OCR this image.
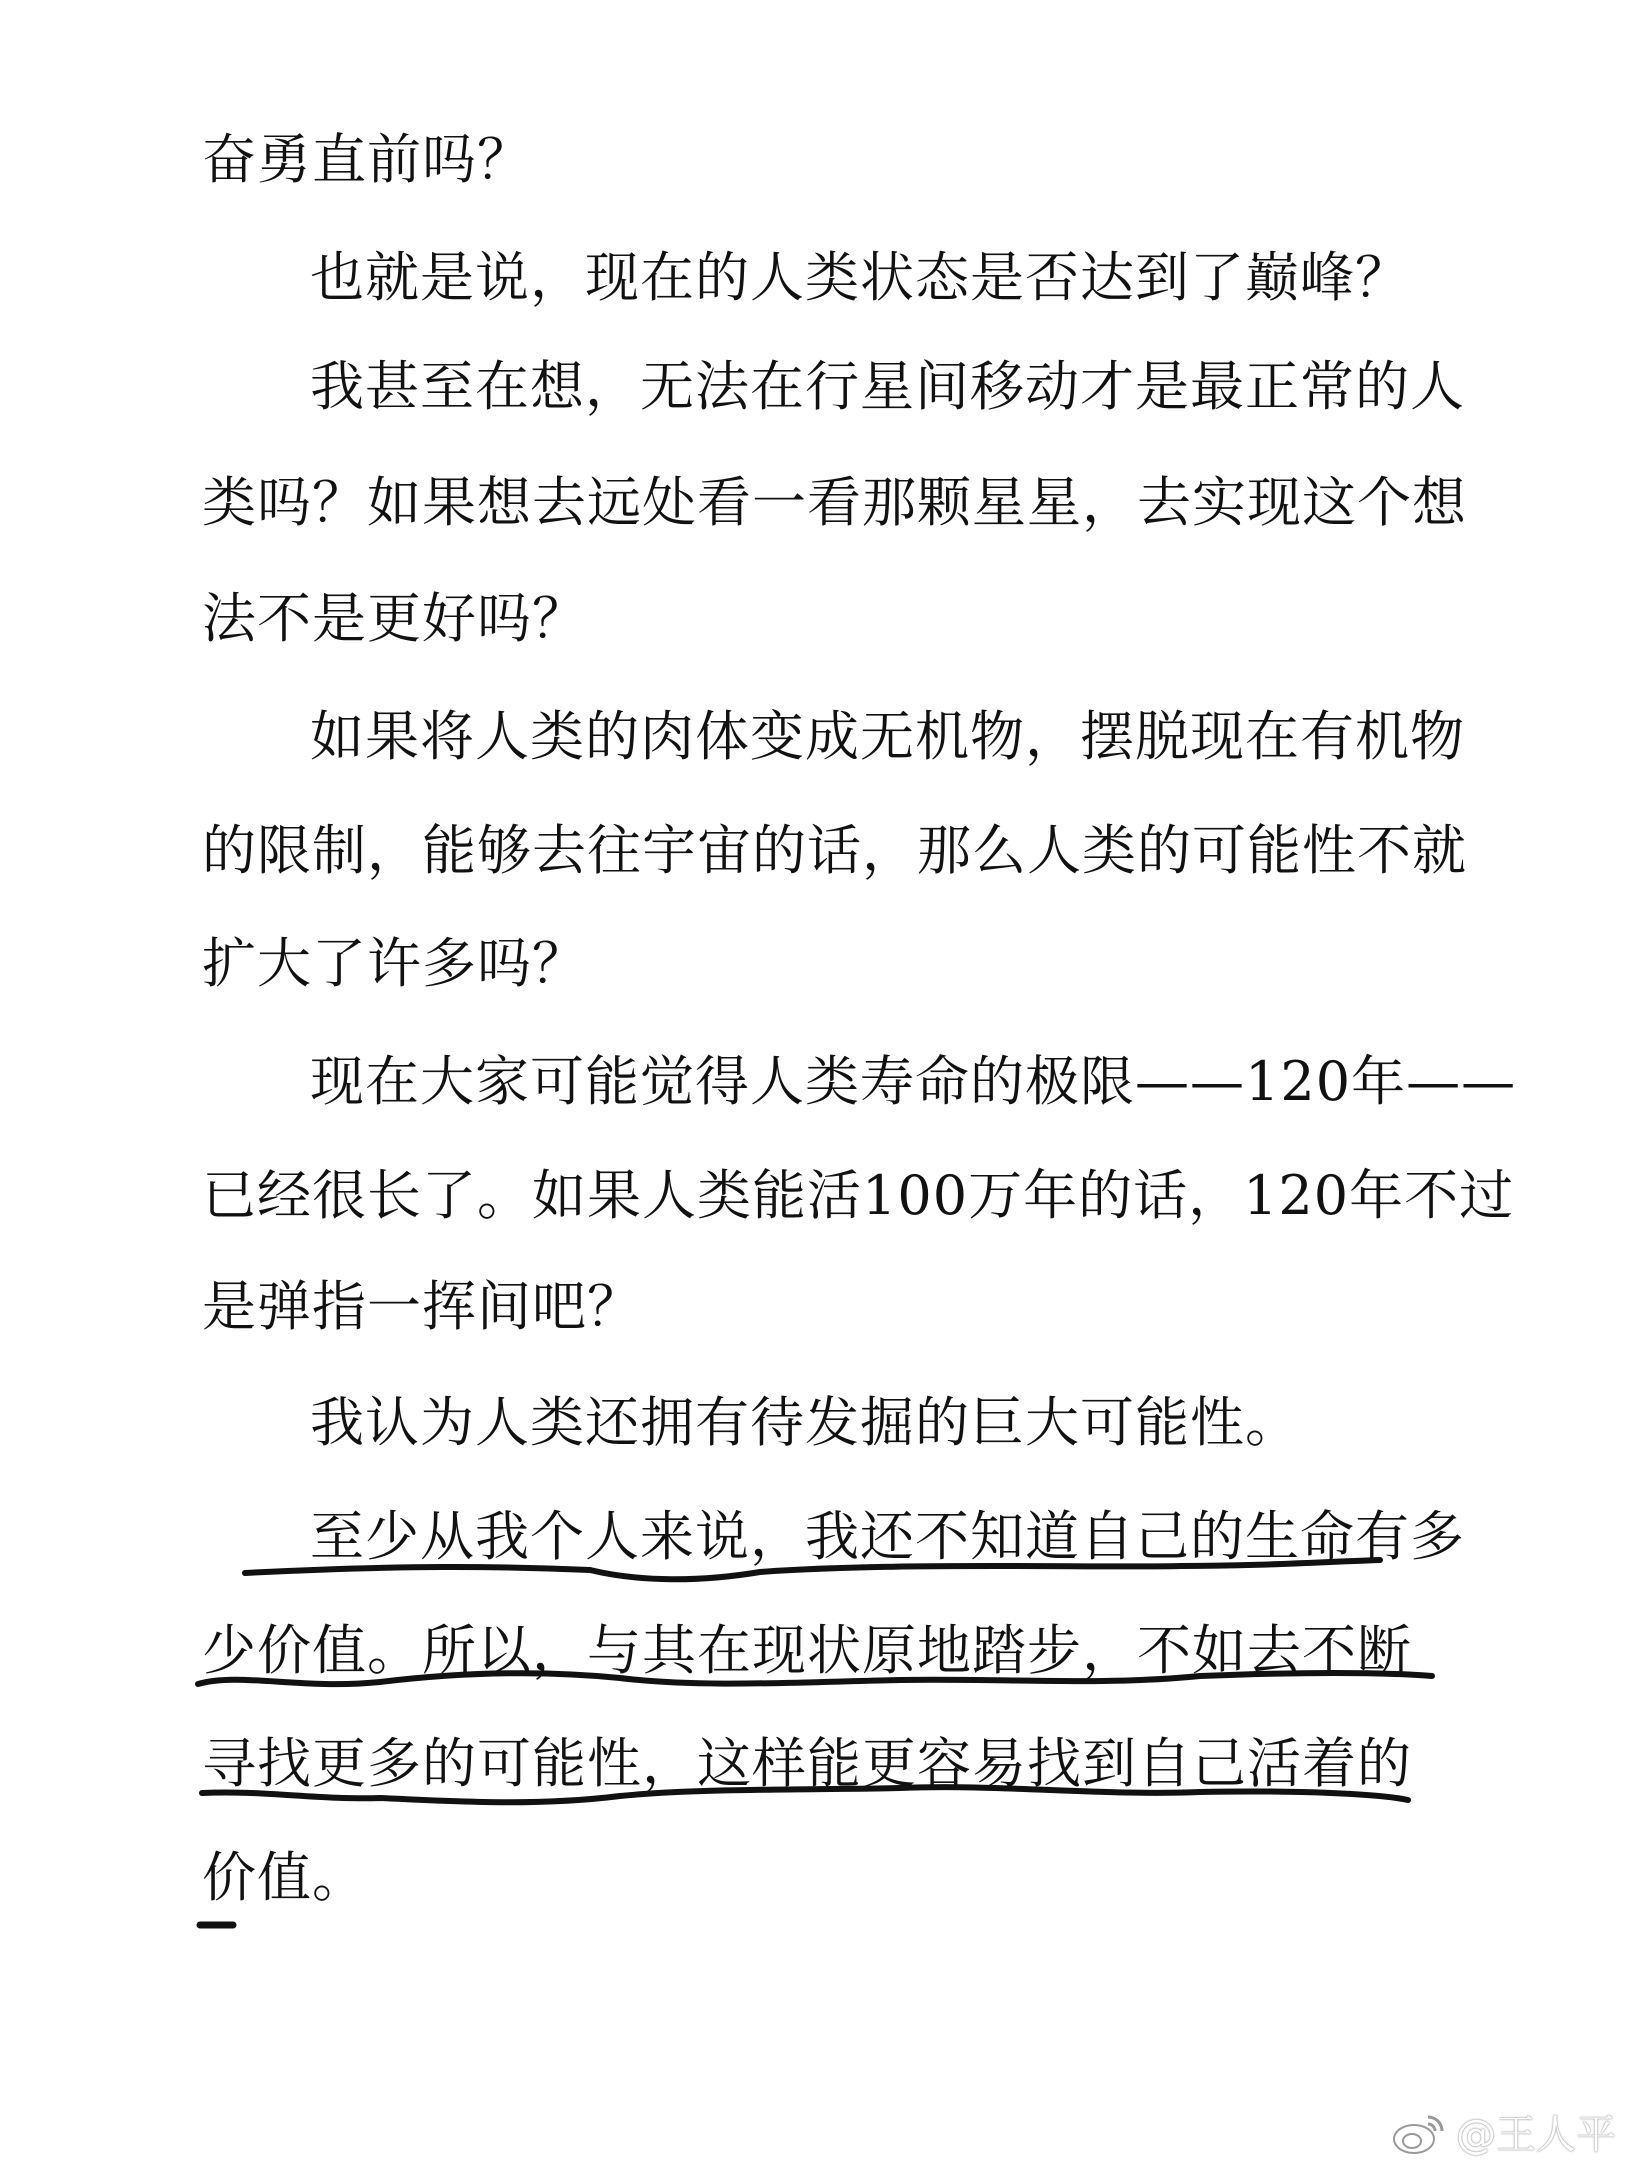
奋勇直前吗？
也就是说，现在的人类状态是否达到了巅峰？
我甚至在想，无法在行星间移动才是最正常的人
类吗？如果想去远处看一看那颗星星，去实现这个想
法不是更好吗？
如果将人类的肉体变成无机物，摆脱现在有机物
的限制，能够去往宇宙的话，那么人类的可能性不就
扩大了许多吗？
现在大家可能觉得人类寿命的极限——120年——
已经很长了。如果人类能活100万年的话，120年不过
是弹指一挥间吧？
我认为人类还拥有待发掘的巨大可能性。
至少从我个人来说，我还不知道自己的生命有多
少价值。所以，与其在现状原地踏步，不如去不断
寻找更多的可能性，这样能更容易找到自己活着的
价值。
@王人平
